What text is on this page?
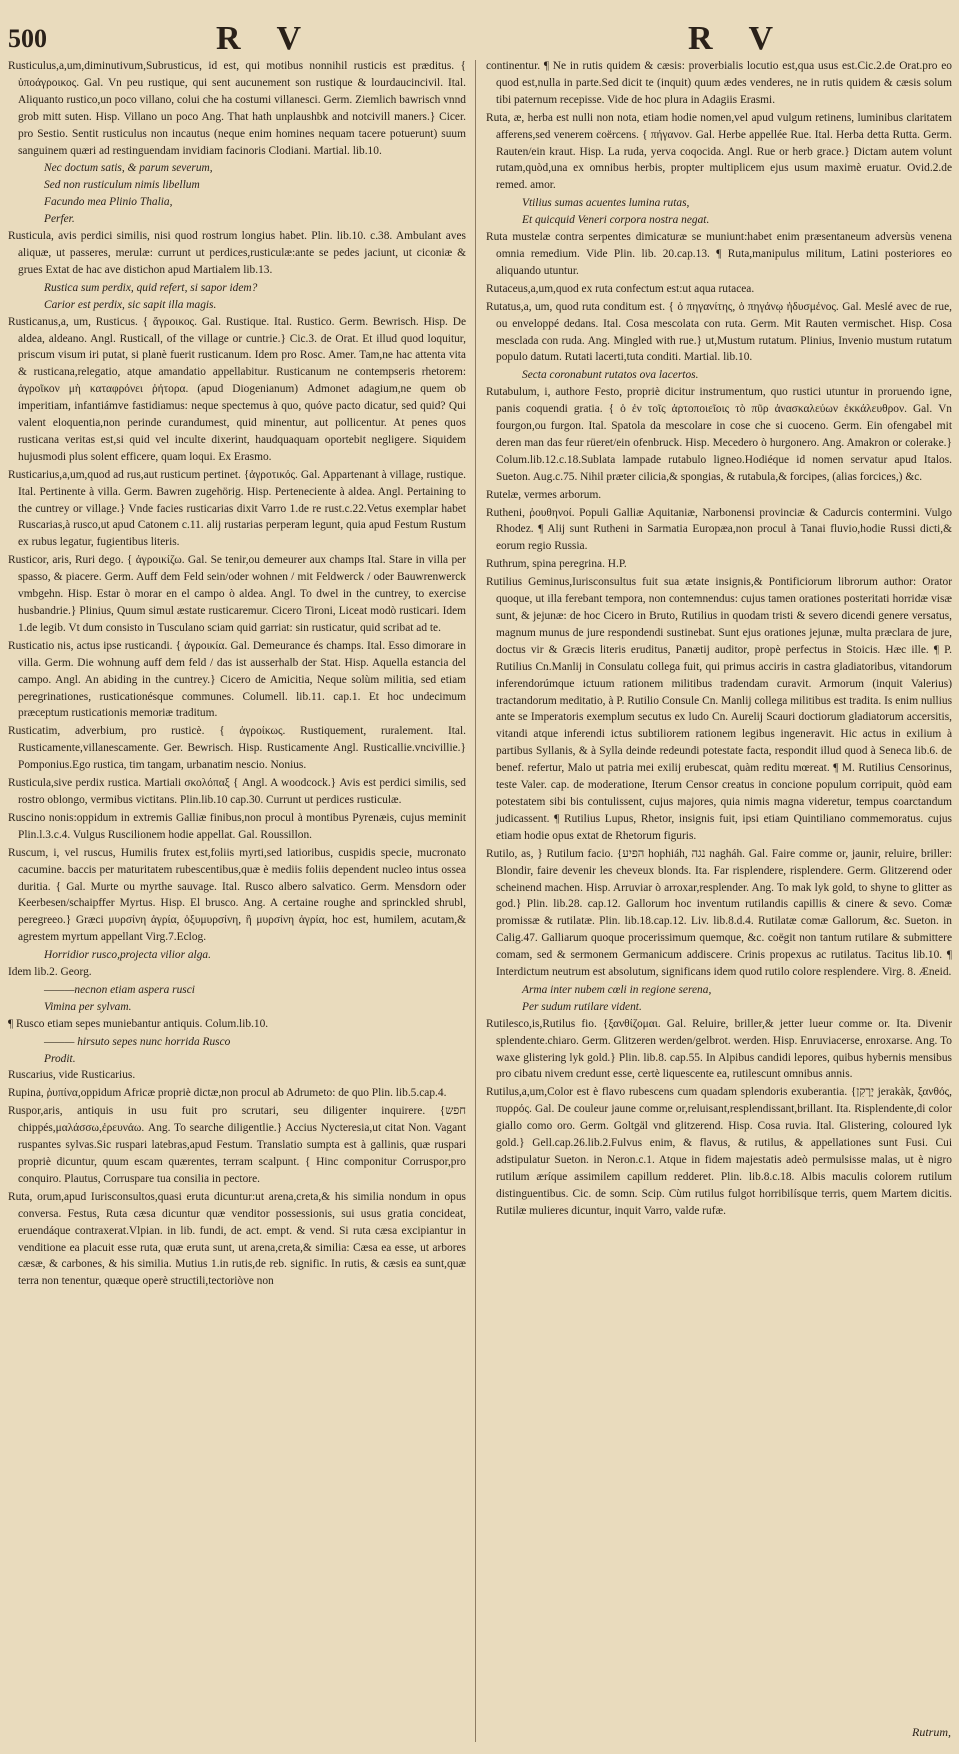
500	R V	R V

Rusticulus,a,um,diminutivum,Subrusticus, id est, qui motibus nonnihil rusticis est præditus. { ὑποάγροικος. Gal. Vn peu rustique, qui sent aucunement son rustique & lourdaucincivil. Ital. Aliquanto rustico,un poco villano, colui che ha costumi villanesci. Germ. Ziemlich bawrisch vnnd grob mitt suten. Hisp. Villano un poco Ang. That hath unplaushbk and notcivill maners.} Cicer. pro Sestio. Sentit rusticulus non incautus (neque enim homines nequam tacere potuerunt) suum sanguinem quæri ad restinguendam invidiam facinoris Clodiani. Martial. lib.10.

Nec doctum satis, & parum severum,

Sed non rusticulum nimis libellum

Facundo mea Plinio Thalia,

Perfer.

Rusticula, avis perdici similis, nisi quod rostrum longius habet. Plin. lib.10. c.38. Ambulant aves aliquæ, ut passeres, merulæ: currunt ut perdices,rusticulæ:ante se pedes jaciunt, ut ciconiæ & grues Extat de hac ave distichon apud Martialem lib.13.

Rustica sum perdix, quid refert, si sapor idem?

Carior est perdix, sic sapit illa magis.

Rusticanus,a, um, Rusticus. { ἄγροικος. Gal. Rustique. Ital. Rustico. Germ. Bewrisch. Hisp. De aldea, aldeano. Angl. Rusticall, of the village or cuntrie.} Cic.3. de Orat. Et illud quod loquitur, priscum visum iri putat, si planè fuerit rusticanum. Idem pro Rosc. Amer. Tam,ne hac attenta vita & rusticana,relegatio, atque amandatio appellabitur. Rusticanum ne contempseris rhetorem: ἀγροῖκον μὴ καταφρόνει ῥήτορα. (apud Diogenianum) Admonet adagium,ne quem ob imperitiam, infantiámve fastidiamus: neque spectemus à quo, quóve pacto dicatur, sed quid? Qui valent eloquentia,non perinde curandumest, quid minentur, aut pollicentur. At penes quos rusticana veritas est,si quid vel inculte dixerint, haudquaquam oportebit negligere. Siquidem hujusmodi plus solent efficere, quam loqui. Ex Erasmo.

Rusticarius,a,um,quod ad rus,aut rusticum pertinet. {ἀγροτικός. Gal. Appartenant à village, rustique. Ital. Pertinente à villa. Germ. Bawren zugehörig. Hisp. Perteneciente à aldea. Angl. Pertaining to the cuntrey or village.} Vnde facies rusticarias dixit Varro 1.de re rust.c.22.Vetus exemplar habet Ruscarias,à rusco,ut apud Catonem c.11. alij rustarias perperam legunt, quia apud Festum Rustum ex rubus legatur, fugientibus literis.

Rusticor, aris, Ruri dego. { ἀγροικίζω. Gal. Se tenir,ou demeurer aux champs Ital. Stare in villa per spasso, & piacere. Germ. Auff dem Feld sein/oder wohnen / mit Feldwerck / oder Bauwrenwerck vmbgehn. Hisp. Estar ò morar en el campo ò aldea. Angl. To dwel in the cuntrey, to exercise husbandrie.} Plinius, Quum simul æstate rusticaremur. Cicero Tironi, Liceat modò rusticari. Idem 1.de legib. Vt dum consisto in Tusculano sciam quid garriat: sin rusticatur, quid scribat ad te.

Rusticatio nis, actus ipse rusticandi. { ἀγροικία. Gal. Demeurance és champs. Ital. Esso dimorare in villa. Germ. Die wohnung auff dem feld / das ist ausserhalb der Stat. Hisp. Aquella estancia del campo. Angl. An abiding in the cuntrey.} Cicero de Amicitia, Neque solùm militia, sed etiam peregrinationes, rusticationésque communes. Columell. lib.11. cap.1. Et hoc undecimum præceptum rusticationis memoriæ traditum.

Rusticatim, adverbium, pro rusticè. { ἀγροίκως. Rustiquement, ruralement. Ital. Rusticamente,villanescamente. Ger. Bewrisch. Hisp. Rusticamente Angl. Rusticallie.vncivillie.} Pomponius.Ego rustica, tim tangam, urbanatim nescio. Nonius.

Rusticula,sive perdix rustica. Martiali σκολόπαξ { Angl. A woodcock.} Avis est perdici similis, sed rostro oblongo, vermibus victitans. Plin.lib.10 cap.30. Currunt ut perdices rusticulæ.

Ruscino nonis:oppidum in extremis Galliæ finibus,non procul à montibus Pyrenæis, cujus meminit Plin.l.3.c.4. Vulgus Ruscilionem hodie appellat. Gal. Roussillon.

Ruscum, i, vel ruscus, Humilis frutex est,foliis myrti,sed latioribus, cuspidis specie, mucronato cacumine. baccis per maturitatem rubescentibus,quæ è mediis foliis dependent nucleo intus ossea duritia. { Gal. Murte ou myrthe sauvage. Ital. Rusco albero salvatico. Germ. Mensdorn oder Keerbesen/schaipffer Myrtus. Hisp. El brusco. Ang. A certaine roughe and sprinckled shrubl, peregreeo.} Græci μυρσίνη ἀγρία, ὀξυμυρσίνη, ἢ μυρσίνη ἀγρία, hoc est, humilem, acutam,& agrestem myrtum appellant Virg.7.Eclog.

Horridior rusco,projecta vilior alga.

Idem lib.2. Georg.

———necnon etiam aspera rusci

Vimina per sylvam.

¶ Rusco etiam sepes muniebantur antiquis. Colum.lib.10.

——— hirsuto sepes nunc horrida Rusco

Prodit.

Ruscarius, vide Rusticarius.

Rupina, ῥυπίνα,oppidum Africæ propriè dictæ,non procul ab Adrumeto: de quo Plin. lib.5.cap.4.

Ruspor,aris, antiquis in usu fuit pro scrutari, seu diligenter inquirere. {חפש chippés,μαλάσσω,ἐρευνάω. Ang. To searche diligentlie.} Accius Nycteresia,ut citat Non. Vagant ruspantes sylvas.Sic ruspari latebras,apud Festum. Translatio sumpta est à gallinis, quæ ruspari propriè dicuntur, quum escam quærentes, terram scalpunt. { Hinc componitur Corruspor,pro conquiro. Plautus, Corruspare tua consilia in pectore.

Ruta, orum,apud Iurisconsultos,quasi eruta dicuntur:ut arena,creta,& his similia nondum in opus conversa. Festus, Ruta cæsa dicuntur quæ venditor possessionis, sui usus gratia concideat, eruendáque contraxerat.Vlpian. in lib. fundi, de act. empt. & vend. Si ruta cæsa excipiantur in venditione ea placuit esse ruta, quæ eruta sunt, ut arena,creta,& similia: Cæsa ea esse, ut arbores cæsæ, & carbones, & his similia. Mutius 1.in rutis,de reb. signific. In rutis, & cæsis ea sunt,quæ terra non tenentur, quæque operè structili,tectoriòve non

continentur. ¶ Ne in rutis quidem & cæsis: proverbialis locutio est,qua usus est.Cic.2.de Orat.pro eo quod est,nulla in parte.Sed dicit te (inquit) quum ædes venderes, ne in rutis quidem & cæsis solum tibi paternum recepisse. Vide de hoc plura in Adagiis Erasmi.

Ruta, æ, herba est nulli non nota, etiam hodie nomen,vel apud vulgum retinens, luminibus claritatem afferens,sed venerem coërcens. { πήγανον. Gal. Herbe appellée Rue. Ital. Herba detta Rutta. Germ. Rauten/ein kraut. Hisp. La ruda, yerva coqocida. Angl. Rue or herb grace.} Dictam autem volunt rutam,quòd,una ex omnibus herbis, propter multiplicem ejus usum maximè eruatur. Ovid.2.de remed. amor.

Vtilius sumas acuentes lumina rutas,

Et quicquid Veneri corpora nostra negat.

Ruta mustelæ contra serpentes dimicaturæ se muniunt:habet enim præsentaneum adversùs venena omnia remedium. Vide Plin. lib. 20.cap.13. ¶ Ruta,manipulus militum, Latini posteriores eo aliquando utuntur.

Rutaceus,a,um,quod ex ruta confectum est:ut aqua rutacea.

Rutatus,a, um, quod ruta conditum est. { ὁ πηγανίτης, ὁ πηγάνῳ ἡδυσμένος. Gal. Meslé avec de rue, ou enveloppé dedans. Ital. Cosa mescolata con ruta. Germ. Mit Rauten vermischet. Hisp. Cosa mesclada con ruda. Ang. Mingled with rue.} ut,Mustum rutatum. Plinius, Invenio mustum rutatum populo datum. Rutati lacerti,tuta conditi. Martial. lib.10.

Secta coronabunt rutatos ova lacertos.

Rutabulum, i, authore Festo, propriè dicitur instrumentum, quo rustici utuntur in proruendo igne, panis coquendi gratia. { ὁ ἐν τοῖς ἀρτοποιεῖοις τὸ πῦρ ἀνασκαλεύων ἐκκάλευθρον. Gal. Vn fourgon,ou furgon. Ital. Spatola da mescolare in cose che si cuoceno. Germ. Ein ofengabel mit deren man das feur rüeret/ein ofenbruck. Hisp. Mecedero ò hurgonero. Ang. Amakron or colerake.} Colum.lib.12.c.18.Sublata lampade rutabulo ligneo.Hodiéque id nomen servatur apud Italos. Sueton. Aug.c.75. Nihil præter cilicia,& spongias, & rutabula,& forcipes, (alias forcices,) &c.

Rutelæ, vermes arborum.

Rutheni, ῥουθηνοί. Populi Galliæ Aquitaniæ, Narbonensi provinciæ & Cadurcis contermini. Vulgo Rhodez. ¶ Alij sunt Rutheni in Sarmatia Europæa,non procul à Tanai fluvio,hodie Russi dicti,& eorum regio Russia.

Ruthrum, spina peregrina. H.P.

Rutilius Geminus,Iurisconsultus fuit sua ætate insignis,& Pontificiorum librorum author: Orator quoque, ut illa ferebant tempora, non contemnendus: cujus tamen orationes posteritati horridæ visæ sunt, & jejunæ: de hoc Cicero in Bruto, Rutilius in quodam tristi & severo dicendi genere versatus, magnum munus de jure respondendi sustinebat. Sunt ejus orationes jejunæ, multa præclara de jure, doctus vir & Græcis literis eruditus, Panætij auditor, propè perfectus in Stoicis. Hæc ille. ¶ P. Rutilius Cn.Manlij in Consulatu collega fuit, qui primus acciris in castra gladiatoribus, vitandorum inferendorúmque ictuum rationem militibus tradendam curavit. Armorum (inquit Valerius) tractandorum meditatio, à P. Rutilio Consule Cn. Manlij collega militibus est tradita. Is enim nullius ante se Imperatoris exemplum secutus ex ludo Cn. Aurelij Scauri doctiorum gladiatorum accersitis, vitandi atque inferendi ictus subtiliorem rationem legibus ingeneravit. Hic actus in exilium à partibus Syllanis, & à Sylla deinde redeundi potestate facta, respondit illud quod à Seneca lib.6. de benef. refertur, Malo ut patria mei exilij erubescat, quàm reditu mœreat. ¶ M. Rutilius Censorinus, teste Valer. cap. de moderatione, Iterum Censor creatus in concione populum corripuit, quòd eam potestatem sibi bis contulissent, cujus majores, quia nimis magna videretur, tempus coarctandum judicassent. ¶ Rutilius Lupus, Rhetor, insignis fuit, ipsi etiam Quintiliano commemoratus. cujus etiam hodie opus extat de Rhetorum figuris.

Rutilo, as, } Rutilum facio. {הפיע hophiáh, נגה nagháh. Gal. Faire comme or, jaunir, reluire, briller: Blondir, faire devenir les cheveux blonds. Ita. Far risplendere, risplendere. Germ. Glitzerend oder scheinend machen. Hisp. Arruviar ò arroxar,resplender. Ang. To mak lyk gold, to shyne to glitter as god.} Plin. lib.28. cap.12. Gallorum hoc inventum rutilandis capillis & cinere & sevo. Comæ promissæ & rutilatæ. Plin. lib.18.cap.12. Liv. lib.8.d.4. Rutilatæ comæ Gallorum, &c. Sueton. in Calig.47. Galliarum quoque procerissimum quemque, &c. coëgit non tantum rutilare & submittere comam, sed & sermonem Germanicum addiscere. Crinis propexus ac rutilatus. Tacitus lib.10. ¶ Interdictum neutrum est absolutum, significans idem quod rutilo colore resplendere. Virg. 8. Æneid.

Arma inter nubem cœli in regione serena,

Per sudum rutilare vident.

Rutilesco,is,Rutilus fio. {ξανθίζομαι. Gal. Reluire, briller,& jetter lueur comme or. Ita. Divenir splendente.chiaro. Germ. Glitzeren werden/gelbrot. werden. Hisp. Enruviacerse, enroxarse. Ang. To waxe glistering lyk gold.} Plin. lib.8. cap.55. In Alpibus candidi lepores, quibus hybernis mensibus pro cibatu nivem credunt esse, certè liquescente ea, rutilescunt omnibus annis.

Rutilus,a,um,Color est è flavo rubescens cum quadam splendoris exuberantia. {יָרָקִן jerakàk, ξανθός, πυρρός. Gal. De couleur jaune comme or,reluisant,resplendissant,brillant. Ita. Risplendente,di color giallo como oro. Germ. Goltgäl vnd glitzerend. Hisp. Cosa ruvia. Ital. Glistering, coloured lyk gold.} Gell.cap.26.lib.2.Fulvus enim, & flavus, & rutilus, & appellationes sunt Fusi. Cui adstipulatur Sueton. in Neron.c.1. Atque in fidem majestatis adeò permulsisse malas, ut è nigro rutilum æríque assimilem capillum redderet. Plin. lib.8.c.18. Albis maculis colorem rutilum distinguentibus. Cic. de somn. Scip. Cùm rutilus fulgot horribilísque terris, quem Martem dicitis. Rutilæ mulieres dicuntur, inquit Varro, valde rufæ.

Rutrum,
